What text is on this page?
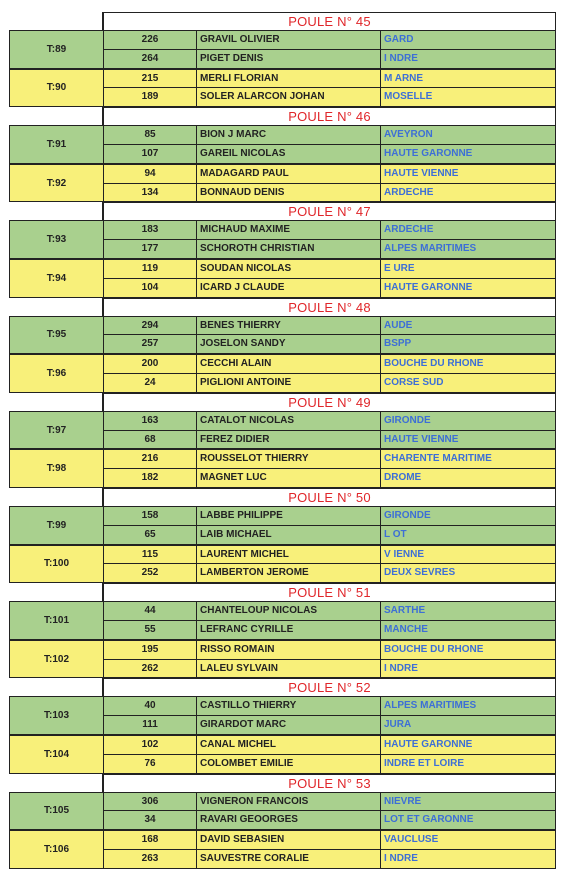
POULE N° 45
T:89
226	GRAVIL OLIVIER	GARD
264	PIGET DENIS	I NDRE
T:90
215	MERLI FLORIAN	M ARNE
189	SOLER ALARCON JOHAN	MOSELLE
POULE N° 46
T:91
85	BION J MARC	AVEYRON
107	GAREIL NICOLAS	HAUTE GARONNE
T:92
94	MADAGARD PAUL	HAUTE VIENNE
134	BONNAUD DENIS	ARDECHE
POULE N° 47
T:93
183	MICHAUD MAXIME	ARDECHE
177	SCHOROTH CHRISTIAN	ALPES MARITIMES
T:94
119	SOUDAN NICOLAS	E URE
104	ICARD J CLAUDE	HAUTE GARONNE
POULE N° 48
T:95
294	BENES THIERRY	AUDE
257	JOSELON SANDY	BSPP
T:96
200	CECCHI ALAIN	BOUCHE DU RHONE
24	PIGLIONI ANTOINE	CORSE SUD
POULE N° 49
T:97
163	CATALOT NICOLAS	GIRONDE
68	FEREZ DIDIER	HAUTE VIENNE
T:98
216	ROUSSELOT THIERRY	CHARENTE MARITIME
182	MAGNET LUC	DROME
POULE N° 50
T:99
158	LABBE PHILIPPE	GIRONDE
65	LAIB MICHAEL	L OT
T:100
115	LAURENT MICHEL	V IENNE
252	LAMBERTON JEROME	DEUX SEVRES
POULE N° 51
T:101
44	CHANTELOUP NICOLAS	SARTHE
55	LEFRANC CYRILLE	MANCHE
T:102
195	RISSO ROMAIN	BOUCHE DU RHONE
262	LALEU SYLVAIN	I NDRE
POULE N° 52
T:103
40	CASTILLO THIERRY	ALPES MARITIMES
111	GIRARDOT MARC	JURA
T:104
102	CANAL MICHEL	HAUTE GARONNE
76	COLOMBET EMILIE	INDRE ET LOIRE
POULE N° 53
T:105
306	VIGNERON FRANCOIS	NIEVRE
34	RAVARI GEOORGES	LOT ET GARONNE
T:106
168	DAVID SEBASIEN	VAUCLUSE
263	SAUVESTRE CORALIE	I NDRE
